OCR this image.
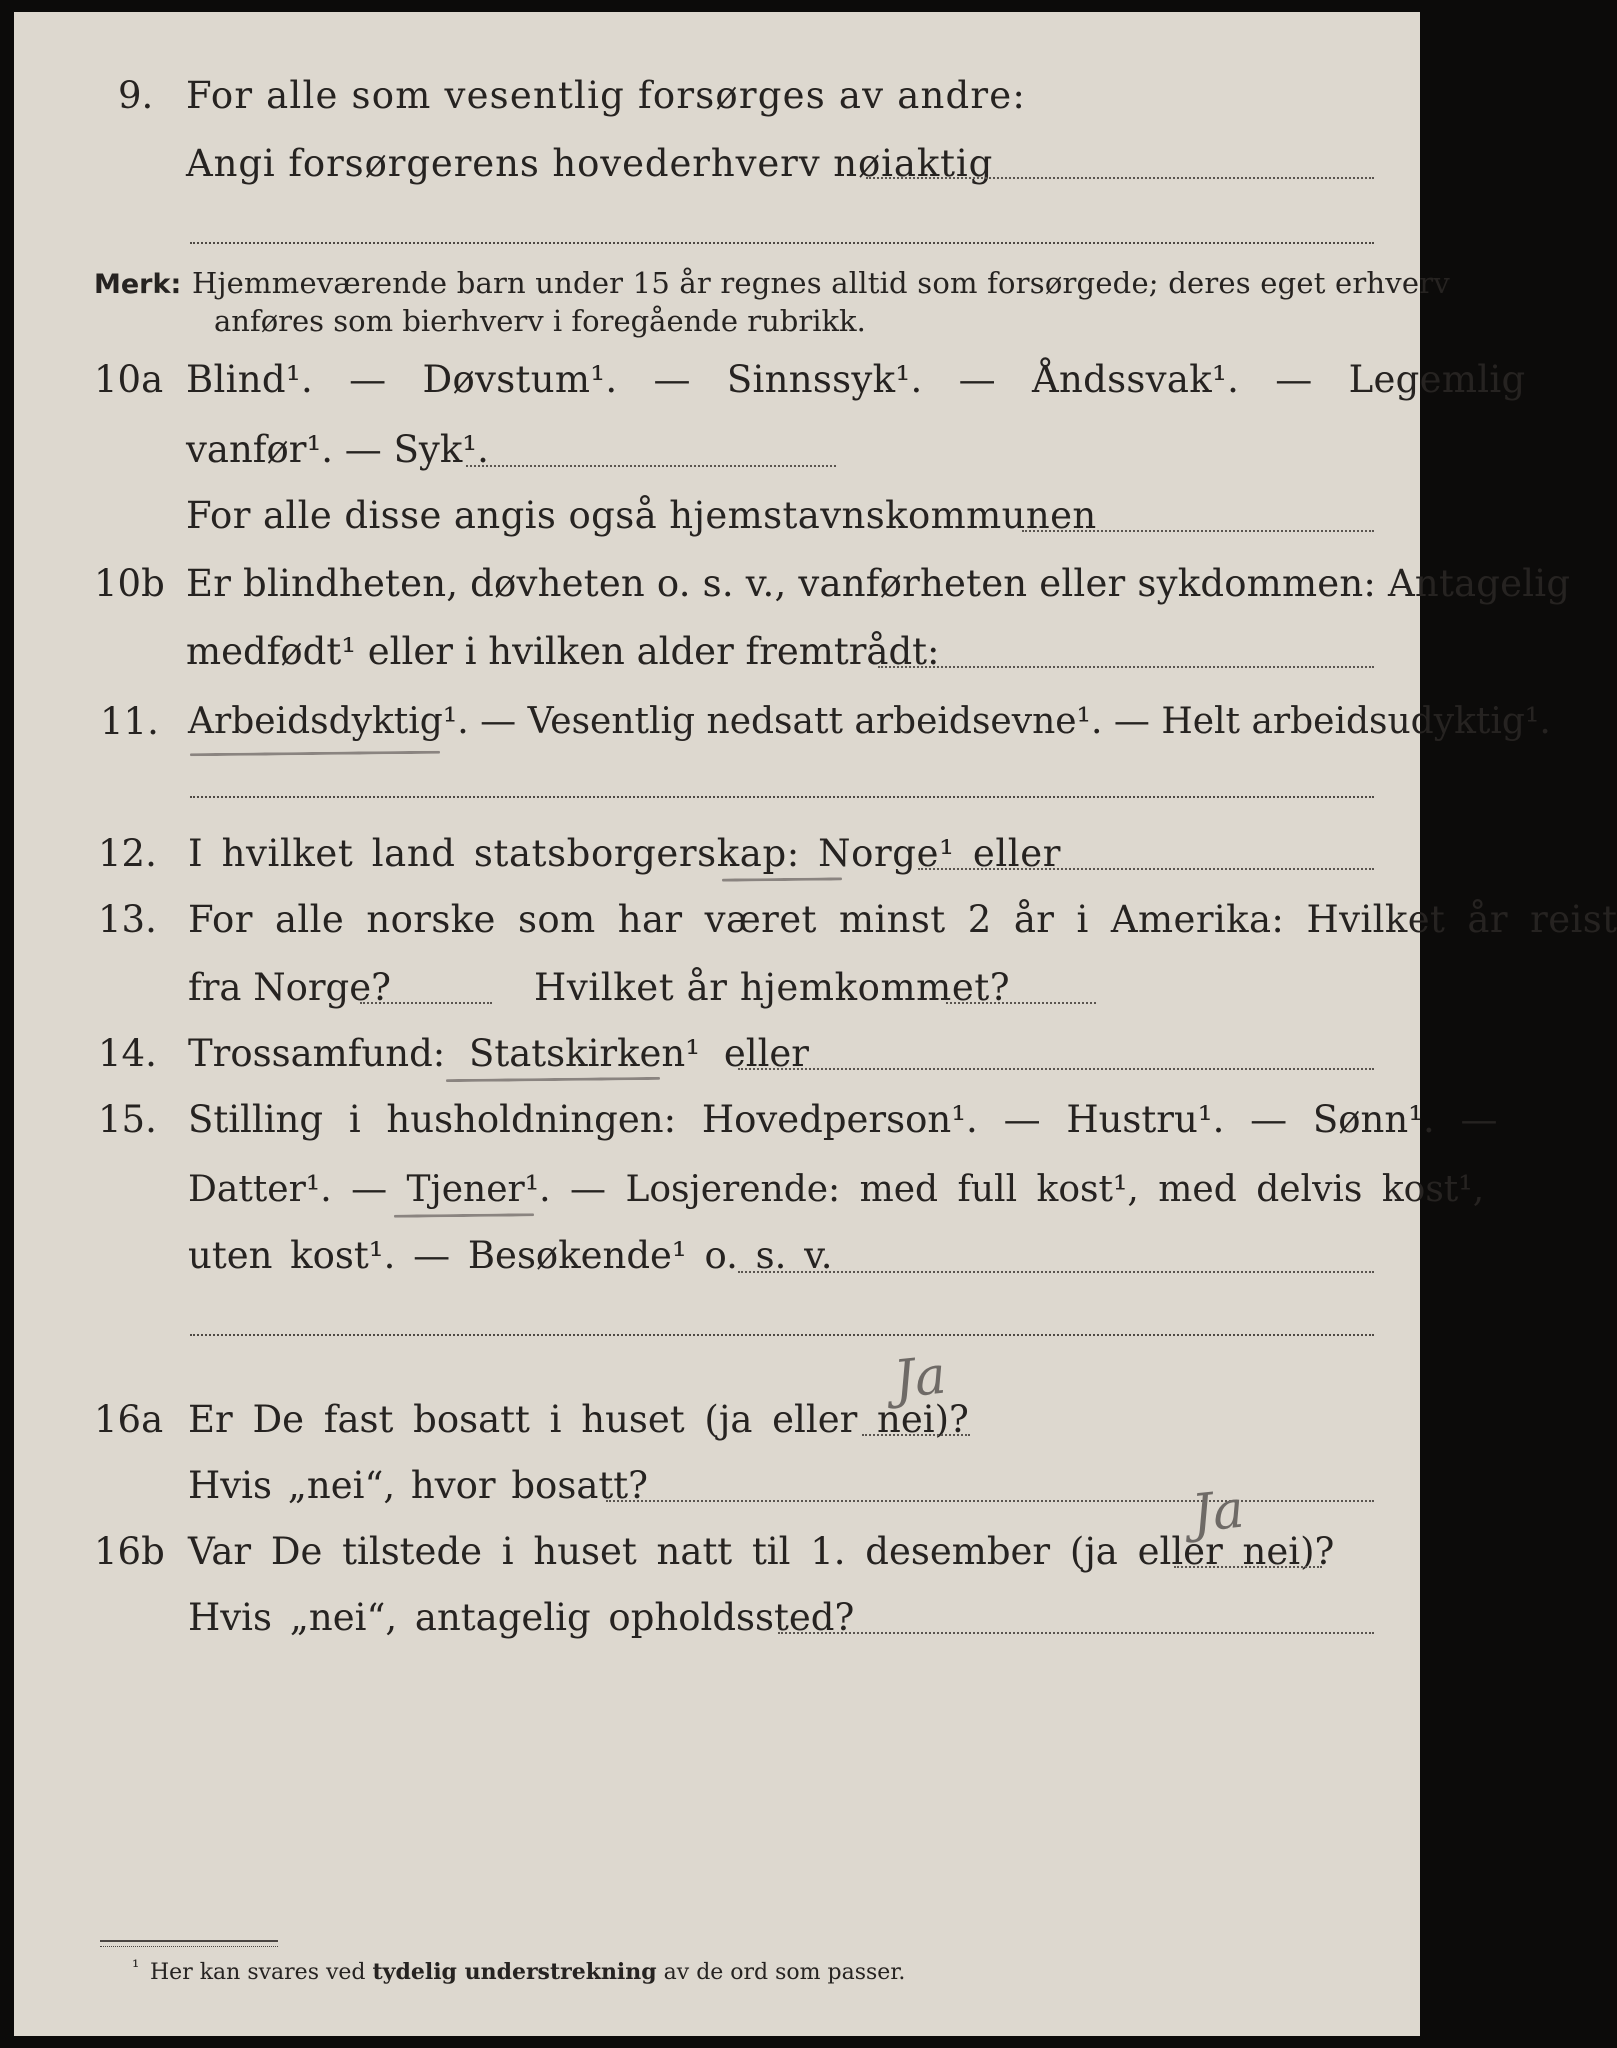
9. For alle som vesentlig forsørges av andre:
Angi forsørgerens hovederhverv nøiaktig
Merk: Hjemmeværende barn under 15 år regnes alltid som forsørgede; deres eget erhverv
anføres som bierhverv i foregående rubrikk.
10a Blind¹. — Døvstum¹. — Sinnssyk¹. — Åndssvak¹. — Legemlig
vanfør¹. — Syk¹.
For alle disse angis også hjemstavnskommunen
10b Er blindheten, døvheten o. s. v., vanførheten eller sykdommen: Antagelig
medfødt¹ eller i hvilken alder fremtrådt:
11. Arbeidsdyktig¹. — Vesentlig nedsatt arbeidsevne¹. — Helt arbeidsudyktig¹.
12. I hvilket land statsborgerskap: Norge¹ eller
13. For alle norske som har været minst 2 år i Amerika: Hvilket år reist
fra Norge?	Hvilket år hjemkommet?
14. Trossamfund: Statskirken¹ eller
15. Stilling i husholdningen: Hovedperson¹. — Hustru¹. — Sønn¹. —
Datter¹. — Tjener¹. — Losjerende: med full kost¹, med delvis kost¹,
uten kost¹. — Besøkende¹ o. s. v.
16a Er De fast bosatt i huset (ja eller nei)?
Ja
Hvis „nei“, hvor bosatt?
16b Var De tilstede i huset natt til 1. desember (ja eller nei)?
Ja
Hvis „nei“, antagelig opholdssted?
¹ Her kan svares ved tydelig understrekning av de ord som passer.
